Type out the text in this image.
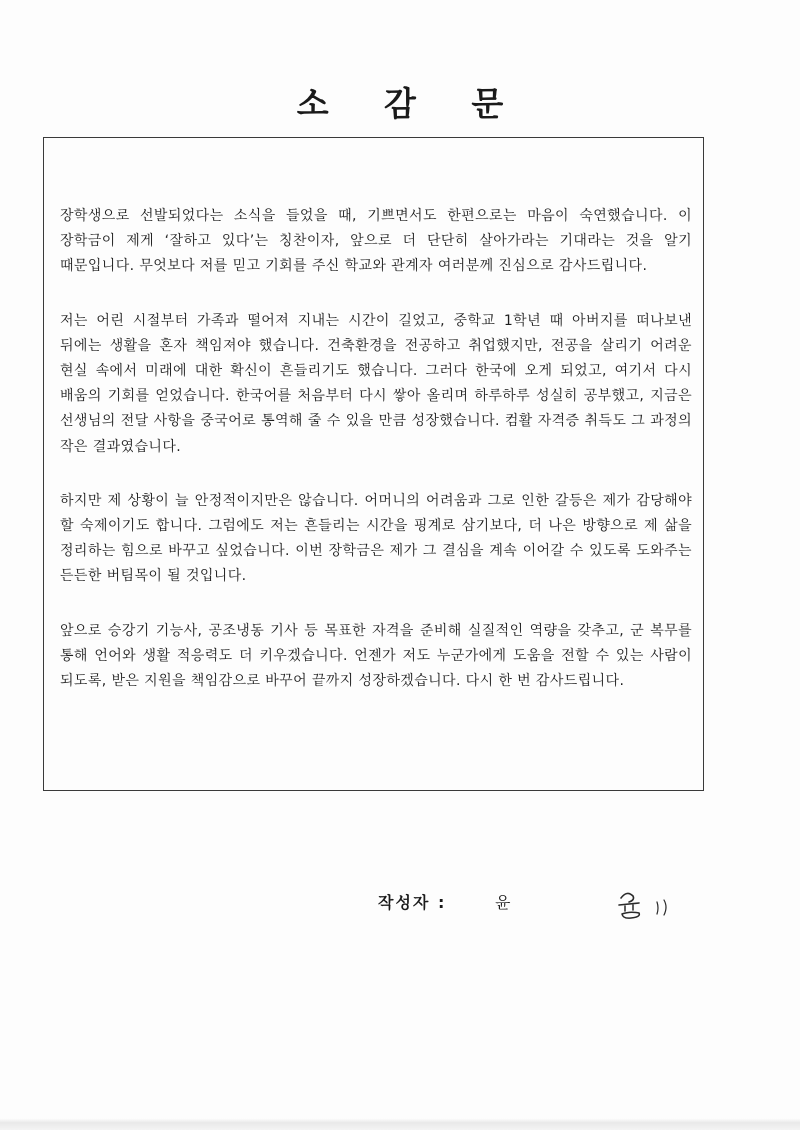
소 감 문

장학생으로 선발되었다는 소식을 들었을 때, 기쁘면서도 한편으로는 마음이 숙연했습니다. 이 장학금이 제게 ‘잘하고 있다’는 칭찬이자, 앞으로 더 단단히 살아가라는 기대라는 것을 알기 때문입니다. 무엇보다 저를 믿고 기회를 주신 학교와 관계자 여러분께 진심으로 감사드립니다.

저는 어린 시절부터 가족과 떨어져 지내는 시간이 길었고, 중학교 1학년 때 아버지를 떠나보낸 뒤에는 생활을 혼자 책임져야 했습니다. 건축환경을 전공하고 취업했지만, 전공을 살리기 어려운 현실 속에서 미래에 대한 확신이 흔들리기도 했습니다. 그러다 한국에 오게 되었고, 여기서 다시 배움의 기회를 얻었습니다. 한국어를 처음부터 다시 쌓아 올리며 하루하루 성실히 공부했고, 지금은 선생님의 전달 사항을 중국어로 통역해 줄 수 있을 만큼 성장했습니다. 컴활 자격증 취득도 그 과정의 작은 결과였습니다.

하지만 제 상황이 늘 안정적이지만은 않습니다. 어머니의 어려움과 그로 인한 갈등은 제가 감당해야 할 숙제이기도 합니다. 그럼에도 저는 흔들리는 시간을 핑계로 삼기보다, 더 나은 방향으로 제 삶을 정리하는 힘으로 바꾸고 싶었습니다. 이번 장학금은 제가 그 결심을 계속 이어갈 수 있도록 도와주는 든든한 버팀목이 될 것입니다.

앞으로 승강기 기능사, 공조냉동 기사 등 목표한 자격을 준비해 실질적인 역량을 갖추고, 군 복무를 통해 언어와 생활 적응력도 더 키우겠습니다. 언젠가 저도 누군가에게 도움을 전할 수 있는 사람이 되도록, 받은 지원을 책임감으로 바꾸어 끝까지 성장하겠습니다. 다시 한 번 감사드립니다.

작성자 :	윤
